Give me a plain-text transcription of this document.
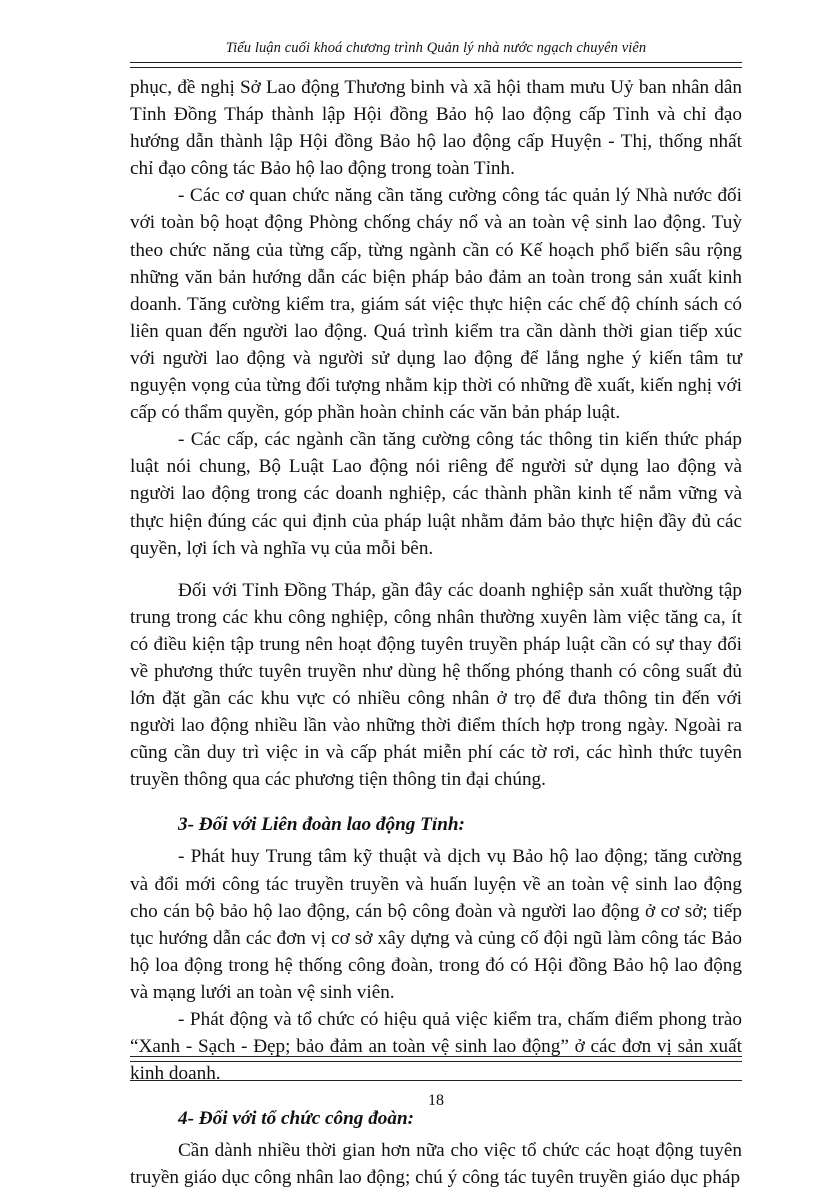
Tiểu luận cuối khoá chương trình Quản lý nhà nước ngạch chuyên viên

phục, đề nghị Sở Lao động Thương binh và xã hội tham mưu Uỷ ban nhân dân Tỉnh Đồng Tháp thành lập Hội đồng Bảo hộ lao động cấp Tỉnh và chỉ đạo hướng dẫn thành lập Hội đồng Bảo hộ lao động cấp Huyện - Thị, thống nhất chỉ đạo công tác Bảo hộ lao động trong toàn Tỉnh.

- Các cơ quan chức năng cần tăng cường công tác quản lý Nhà nước đối với toàn bộ hoạt động Phòng chống cháy nổ và an toàn vệ sinh lao động. Tuỳ theo chức năng của từng cấp, từng ngành cần có Kế hoạch phổ biến sâu rộng những văn bản hướng dẫn các biện pháp bảo đảm an toàn trong sản xuất kinh doanh. Tăng cường kiểm tra, giám sát việc thực hiện các chế độ chính sách có liên quan đến người lao động. Quá trình kiểm tra cần dành thời gian tiếp xúc với người lao động và người sử dụng lao động để lắng nghe ý kiến tâm tư nguyện vọng của từng đối tượng nhằm kịp thời có những đề xuất, kiến nghị với cấp có thẩm quyền, góp phần hoàn chỉnh các văn bản pháp luật.

- Các cấp, các ngành cần tăng cường công tác thông tin kiến thức pháp luật nói chung, Bộ Luật Lao động nói riêng để người sử dụng lao động và người lao động trong các doanh nghiệp, các thành phần kinh tế nắm vững và thực hiện đúng các qui định của pháp luật nhằm đảm bảo thực hiện đầy đủ các quyền, lợi ích và nghĩa vụ của mỗi bên.

Đối với Tỉnh Đồng Tháp, gần đây các doanh nghiệp sản xuất thường tập trung trong các khu công nghiệp, công nhân thường xuyên làm việc tăng ca, ít có điều kiện tập trung nên hoạt động tuyên truyền pháp luật cần có sự thay đổi về phương thức tuyên truyền như dùng hệ thống phóng thanh có công suất đủ lớn đặt gần các khu vực có nhiều công nhân ở trọ để đưa thông tin đến với người lao động nhiều lần vào những thời điểm thích hợp trong ngày. Ngoài ra cũng cần duy trì việc in và cấp phát miễn phí các tờ rơi, các hình thức tuyên truyền thông qua các phương tiện thông tin đại chúng.

3- Đối với Liên đoàn lao động Tỉnh:

- Phát huy Trung tâm kỹ thuật và dịch vụ Bảo hộ lao động; tăng cường và đổi mới công tác truyền truyền và huấn luyện về an toàn vệ sinh lao động cho cán bộ bảo hộ lao động, cán bộ công đoàn và người lao động ở cơ sở; tiếp tục hướng dẫn các đơn vị cơ sở xây dựng và củng cố đội ngũ làm công tác Bảo hộ loa động trong hệ thống công đoàn, trong đó có Hội đồng Bảo hộ lao động và mạng lưới an toàn vệ sinh viên.

- Phát động và tổ chức có hiệu quả việc kiểm tra, chấm điểm phong trào “Xanh - Sạch - Đẹp; bảo đảm an toàn vệ sinh lao động” ở các đơn vị sản xuất kinh doanh.

4- Đối với tổ chức công đoàn:

Cần dành nhiều thời gian hơn nữa cho việc tổ chức các hoạt động tuyên truyền giáo dục công nhân lao động; chú ý công tác tuyên truyền giáo dục pháp

18
